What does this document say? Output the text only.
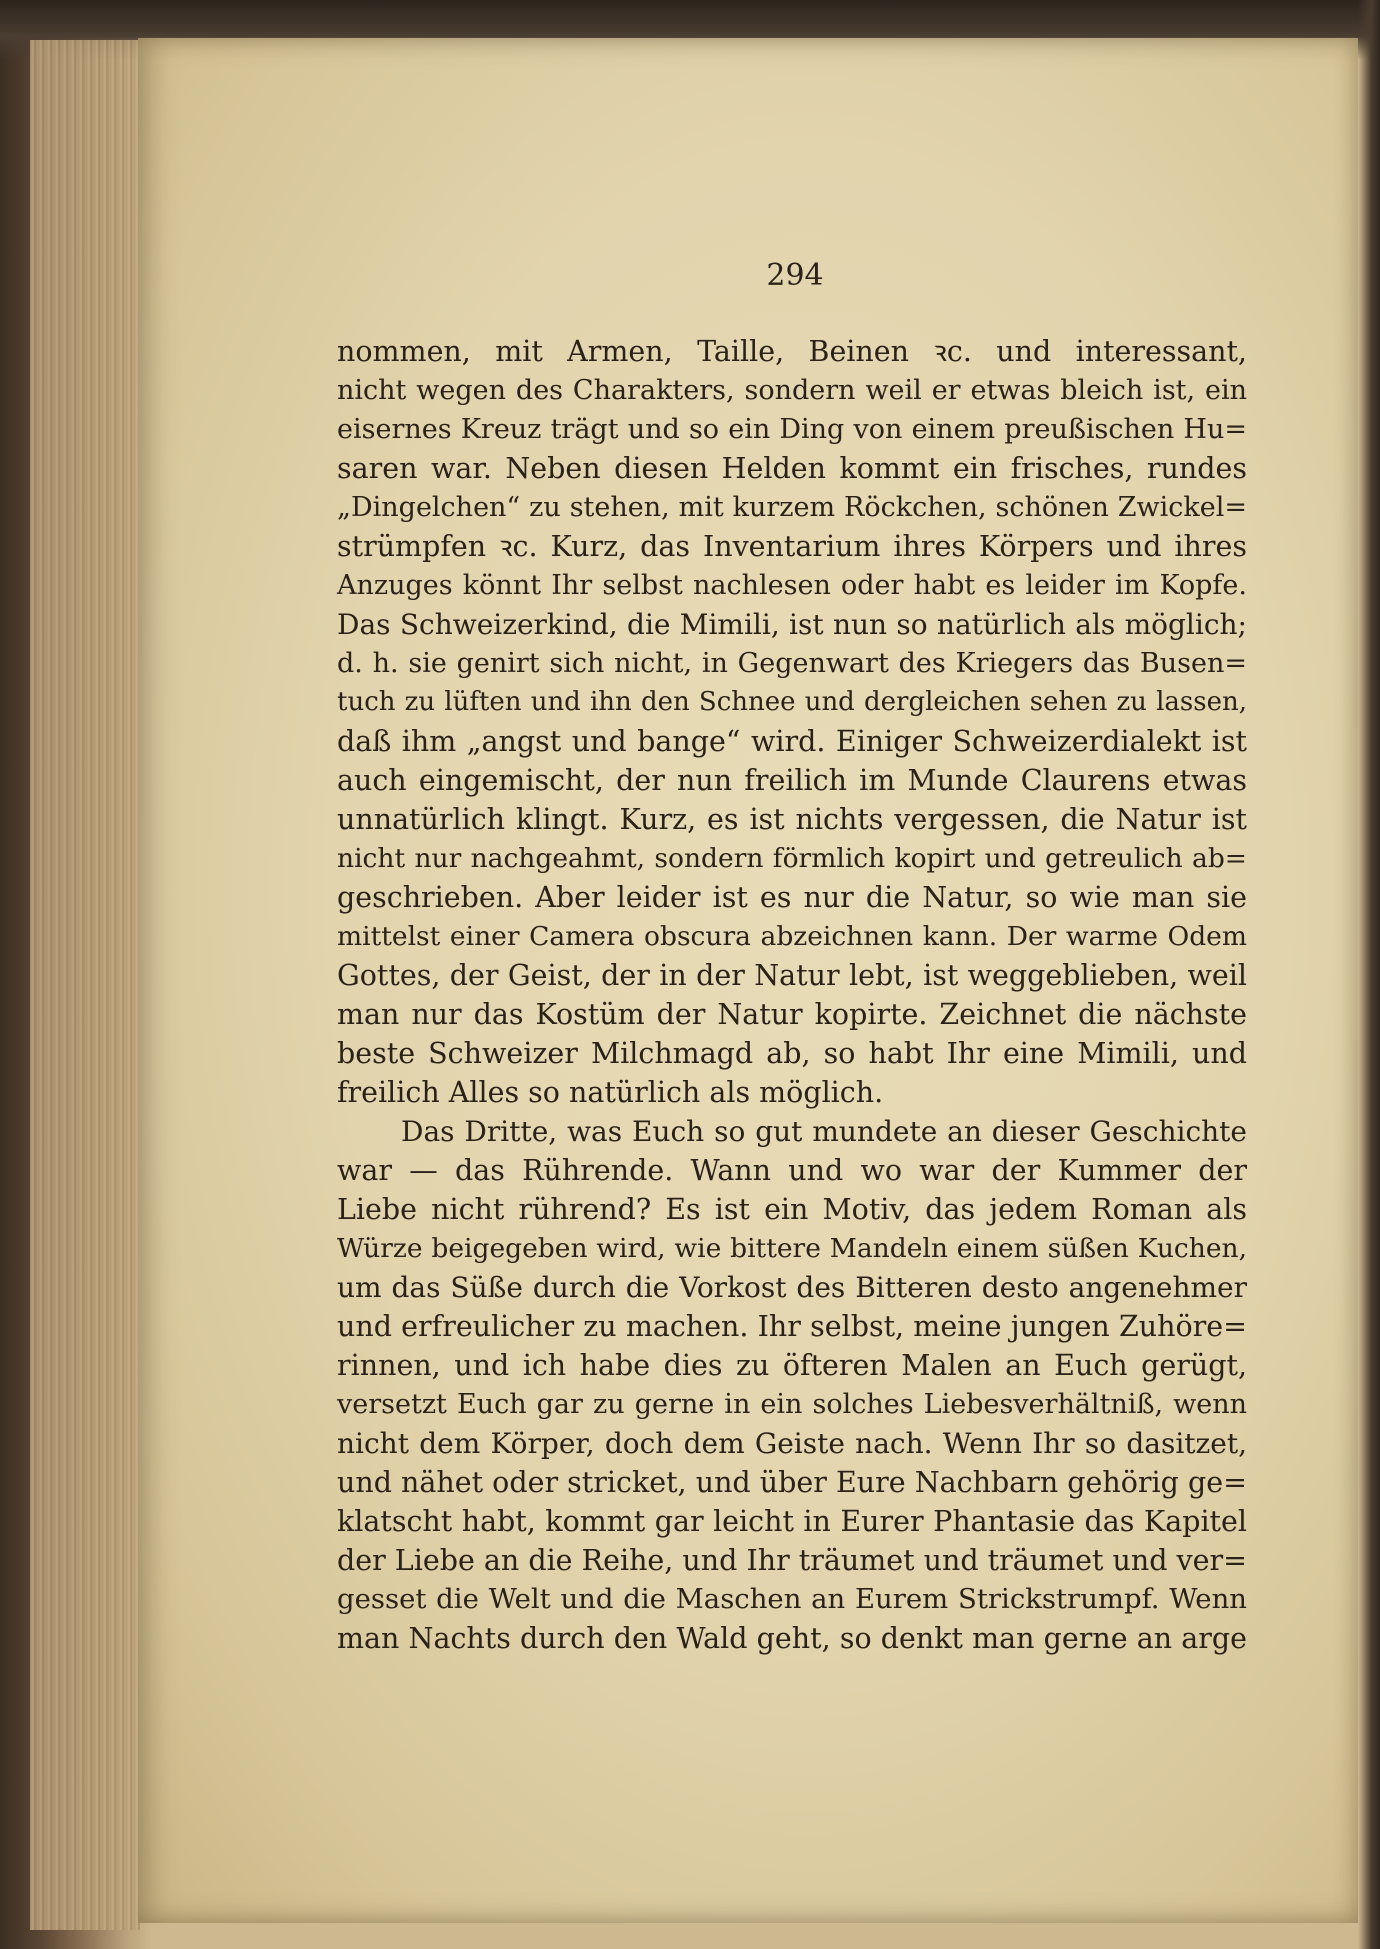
294

nommen, mit Armen, Taille, Beinen ꝛc. und interessant,
nicht wegen des Charakters, sondern weil er etwas bleich ist, ein
eisernes Kreuz trägt und so ein Ding von einem preußischen Hu=
saren war. Neben diesen Helden kommt ein frisches, rundes
„Dingelchen“ zu stehen, mit kurzem Röckchen, schönen Zwickel=
strümpfen ꝛc. Kurz, das Inventarium ihres Körpers und ihres
Anzuges könnt Ihr selbst nachlesen oder habt es leider im Kopfe.
Das Schweizerkind, die Mimili, ist nun so natürlich als möglich;
d. h. sie genirt sich nicht, in Gegenwart des Kriegers das Busen=
tuch zu lüften und ihn den Schnee und dergleichen sehen zu lassen,
daß ihm „angst und bange“ wird. Einiger Schweizerdialekt ist
auch eingemischt, der nun freilich im Munde Claurens etwas
unnatürlich klingt. Kurz, es ist nichts vergessen, die Natur ist
nicht nur nachgeahmt, sondern förmlich kopirt und getreulich ab=
geschrieben. Aber leider ist es nur die Natur, so wie man sie
mittelst einer Camera obscura abzeichnen kann. Der warme Odem
Gottes, der Geist, der in der Natur lebt, ist weggeblieben, weil
man nur das Kostüm der Natur kopirte. Zeichnet die nächste
beste Schweizer Milchmagd ab, so habt Ihr eine Mimili, und
freilich Alles so natürlich als möglich.
Das Dritte, was Euch so gut mundete an dieser Geschichte
war — das Rührende. Wann und wo war der Kummer der
Liebe nicht rührend? Es ist ein Motiv, das jedem Roman als
Würze beigegeben wird, wie bittere Mandeln einem süßen Kuchen,
um das Süße durch die Vorkost des Bitteren desto angenehmer
und erfreulicher zu machen. Ihr selbst, meine jungen Zuhöre=
rinnen, und ich habe dies zu öfteren Malen an Euch gerügt,
versetzt Euch gar zu gerne in ein solches Liebesverhältniß, wenn
nicht dem Körper, doch dem Geiste nach. Wenn Ihr so dasitzet,
und nähet oder stricket, und über Eure Nachbarn gehörig ge=
klatscht habt, kommt gar leicht in Eurer Phantasie das Kapitel
der Liebe an die Reihe, und Ihr träumet und träumet und ver=
gesset die Welt und die Maschen an Eurem Strickstrumpf. Wenn
man Nachts durch den Wald geht, so denkt man gerne an arge
